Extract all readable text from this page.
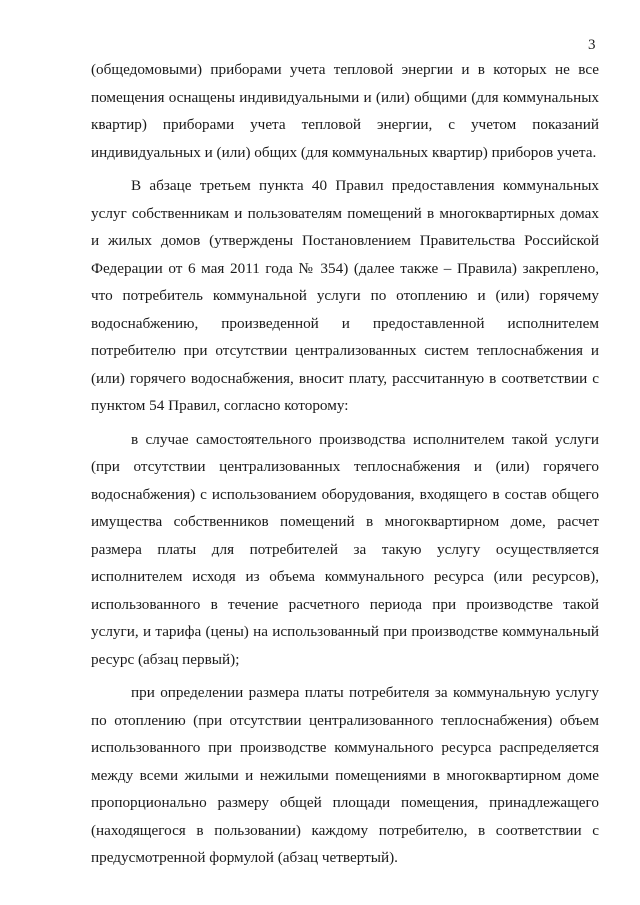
3

(общедомовыми) приборами учета тепловой энергии и в которых не все помещения оснащены индивидуальными и (или) общими (для коммунальных квартир) приборами учета тепловой энергии, с учетом показаний индивидуальных и (или) общих (для коммунальных квартир) приборов учета.

В абзаце третьем пункта 40 Правил предоставления коммунальных услуг собственникам и пользователям помещений в многоквартирных домах и жилых домов (утверждены Постановлением Правительства Российской Федерации от 6 мая 2011 года № 354) (далее также – Правила) закреплено, что потребитель коммунальной услуги по отоплению и (или) горячему водоснабжению, произведенной и предоставленной исполнителем потребителю при отсутствии централизованных систем теплоснабжения и (или) горячего водоснабжения, вносит плату, рассчитанную в соответствии с пунктом 54 Правил, согласно которому:

в случае самостоятельного производства исполнителем такой услуги (при отсутствии централизованных теплоснабжения и (или) горячего водоснабжения) с использованием оборудования, входящего в состав общего имущества собственников помещений в многоквартирном доме, расчет размера платы для потребителей за такую услугу осуществляется исполнителем исходя из объема коммунального ресурса (или ресурсов), использованного в течение расчетного периода при производстве такой услуги, и тарифа (цены) на использованный при производстве коммунальный ресурс (абзац первый);

при определении размера платы потребителя за коммунальную услугу по отоплению (при отсутствии централизованного теплоснабжения) объем использованного при производстве коммунального ресурса распределяется между всеми жилыми и нежилыми помещениями в многоквартирном доме пропорционально размеру общей площади помещения, принадлежащего (находящегося в пользовании) каждому потребителю, в соответствии с предусмотренной формулой (абзац четвертый).
